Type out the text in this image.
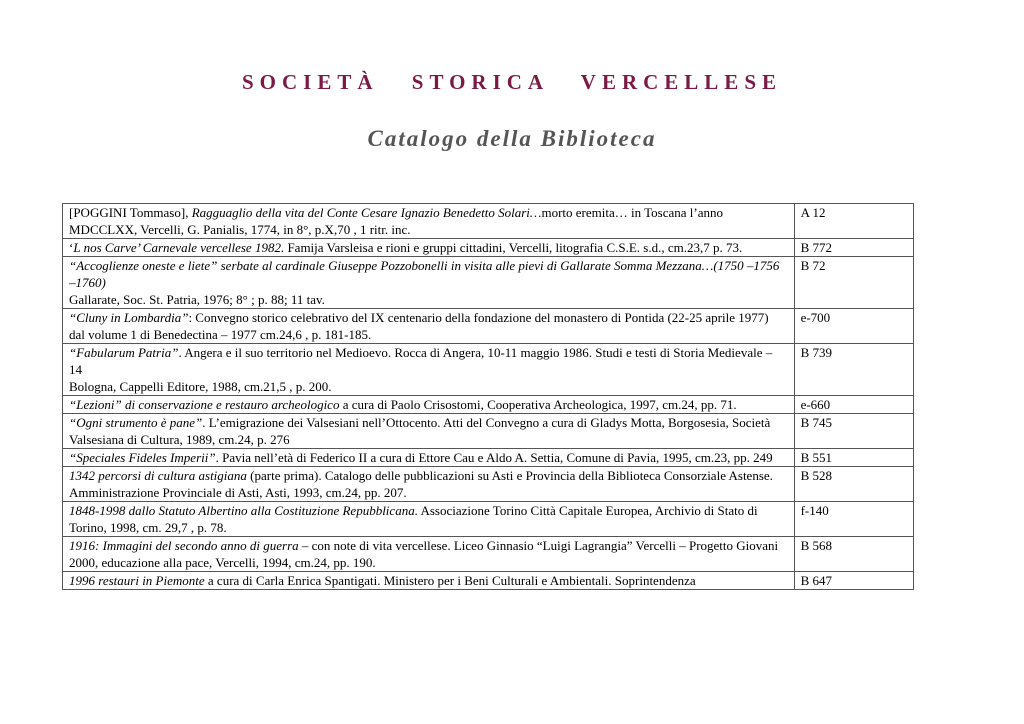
SOCIETÀ STORICA VERCELLESE
Catalogo della Biblioteca
[POGGINI Tommaso], Ragguaglio della vita del Conte Cesare Ignazio Benedetto Solari…morto eremita… in Toscana l’anno MDCCLXX, Vercelli, G. Panialis, 1774, in 8°, p.X,70 , 1 ritr. inc.	A 12

‘L nos Carve’ Carnevale vercellese 1982. Famija Varsleisa e rioni e gruppi cittadini, Vercelli, litografia C.S.E. s.d., cm.23,7 p. 73.	B 772

“Accoglienze oneste e liete” serbate al cardinale Giuseppe Pozzobonelli in visita alle pievi di Gallarate Somma Mezzana…(1750 –1756 –1760)
Gallarate, Soc. St. Patria, 1976; 8° ; p. 88; 11 tav.	B 72

“Cluny in Lombardia”: Convegno storico celebrativo del IX centenario della fondazione del monastero di Pontida (22-25 aprile 1977) dal volume 1 di Benedectina – 1977 cm.24,6 , p. 181-185.	e-700

“Fabularum Patria”. Angera e il suo territorio nel Medioevo. Rocca di Angera, 10-11 maggio 1986. Studi e testi di Storia Medievale – 14
Bologna, Cappelli Editore, 1988, cm.21,5 , p. 200.	B 739

“Lezioni” di conservazione e restauro archeologico a cura di Paolo Crisostomi, Cooperativa Archeologica, 1997, cm.24, pp. 71.	e-660

“Ogni strumento è pane”. L’emigrazione dei Valsesiani nell’Ottocento. Atti del Convegno a cura di Gladys Motta, Borgosesia, Società Valsesiana di Cultura, 1989, cm.24, p. 276	B 745

“Speciales Fideles Imperii”. Pavia nell’età di Federico II a cura di Ettore Cau e Aldo A. Settia, Comune di Pavia, 1995, cm.23, pp. 249	B 551

1342 percorsi di cultura astigiana (parte prima). Catalogo delle pubblicazioni su Asti e Provincia della Biblioteca Consorziale Astense.
Amministrazione Provinciale di Asti, Asti, 1993, cm.24, pp. 207.	B 528

1848-1998 dallo Statuto Albertino alla Costituzione Repubblicana. Associazione Torino Città Capitale Europea, Archivio di Stato di Torino, 1998, cm. 29,7 , p. 78.	f-140

1916: Immagini del secondo anno di guerra – con note di vita vercellese. Liceo Ginnasio “Luigi Lagrangia” Vercelli – Progetto Giovani 2000, educazione alla pace, Vercelli, 1994, cm.24, pp. 190.	B 568

1996 restauri in Piemonte a cura di Carla Enrica Spantigati. Ministero per i Beni Culturali e Ambientali. Soprintendenza	B 647
